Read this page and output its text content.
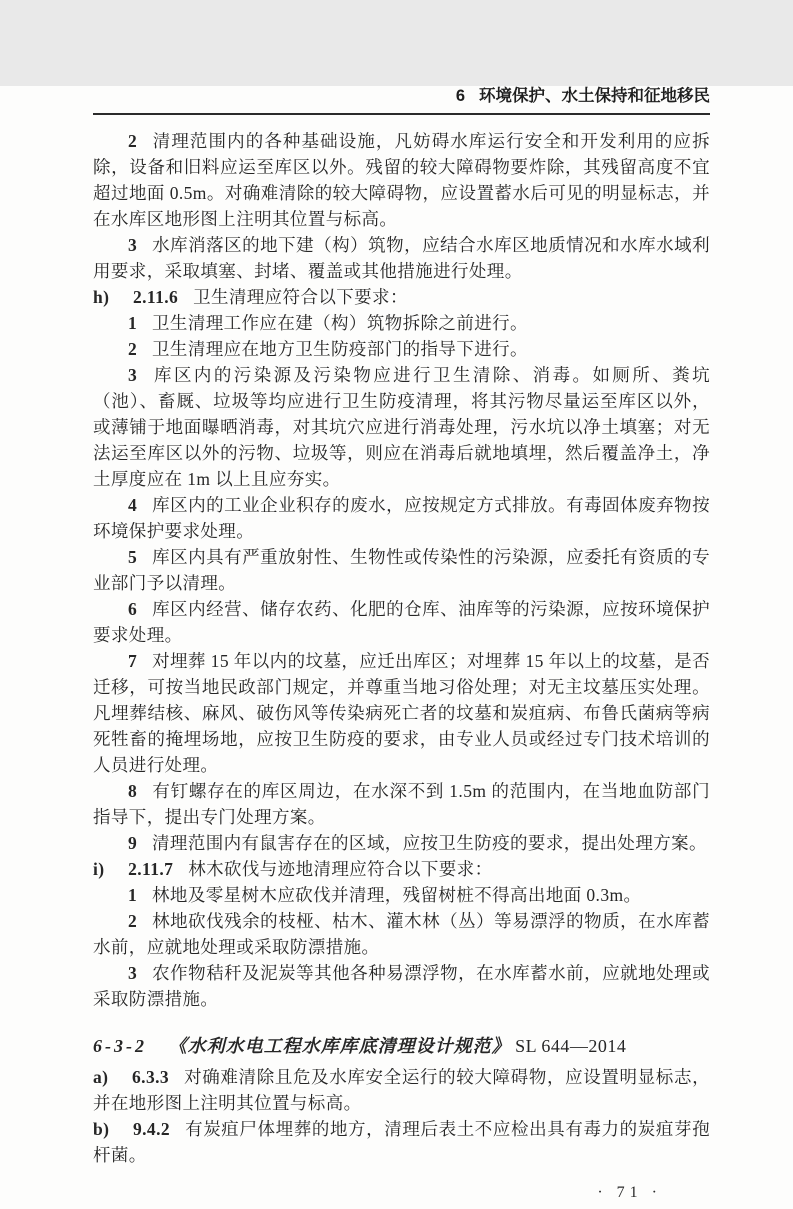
6 环境保护、水土保持和征地移民

2 清理范围内的各种基础设施，凡妨碍水库运行安全和开发利用的应拆除，设备和旧料应运至库区以外。残留的较大障碍物要炸除，其残留高度不宜超过地面 0.5m。对确难清除的较大障碍物，应设置蓄水后可见的明显标志，并在水库区地形图上注明其位置与标高。

3 水库消落区的地下建（构）筑物，应结合水库区地质情况和水库水域利用要求，采取填塞、封堵、覆盖或其他措施进行处理。

h) 2.11.6 卫生清理应符合以下要求：

1 卫生清理工作应在建（构）筑物拆除之前进行。

2 卫生清理应在地方卫生防疫部门的指导下进行。

3 库区内的污染源及污染物应进行卫生清除、消毒。如厕所、粪坑（池）、畜厩、垃圾等均应进行卫生防疫清理，将其污物尽量运至库区以外，或薄铺于地面曝晒消毒，对其坑穴应进行消毒处理，污水坑以净土填塞；对无法运至库区以外的污物、垃圾等，则应在消毒后就地填埋，然后覆盖净土，净土厚度应在 1m 以上且应夯实。

4 库区内的工业企业积存的废水，应按规定方式排放。有毒固体废弃物按环境保护要求处理。

5 库区内具有严重放射性、生物性或传染性的污染源，应委托有资质的专业部门予以清理。

6 库区内经营、储存农药、化肥的仓库、油库等的污染源，应按环境保护要求处理。

7 对埋葬 15 年以内的坟墓，应迁出库区；对埋葬 15 年以上的坟墓，是否迁移，可按当地民政部门规定，并尊重当地习俗处理；对无主坟墓压实处理。凡埋葬结核、麻风、破伤风等传染病死亡者的坟墓和炭疽病、布鲁氏菌病等病死牲畜的掩埋场地，应按卫生防疫的要求，由专业人员或经过专门技术培训的人员进行处理。

8 有钉螺存在的库区周边，在水深不到 1.5m 的范围内，在当地血防部门指导下，提出专门处理方案。

9 清理范围内有鼠害存在的区域，应按卫生防疫的要求，提出处理方案。

i) 2.11.7 林木砍伐与迹地清理应符合以下要求：

1 林地及零星树木应砍伐并清理，残留树桩不得高出地面 0.3m。

2 林地砍伐残余的枝桠、枯木、灌木林（丛）等易漂浮的物质，在水库蓄水前，应就地处理或采取防漂措施。

3 农作物秸秆及泥炭等其他各种易漂浮物，在水库蓄水前，应就地处理或采取防漂措施。

6-3-2 《水利水电工程水库库底清理设计规范》 SL 644—2014

a) 6.3.3 对确难清除且危及水库安全运行的较大障碍物，应设置明显标志，并在地形图上注明其位置与标高。

b) 9.4.2 有炭疽尸体埋葬的地方，清理后表土不应检出具有毒力的炭疽芽孢杆菌。

· 71 ·
